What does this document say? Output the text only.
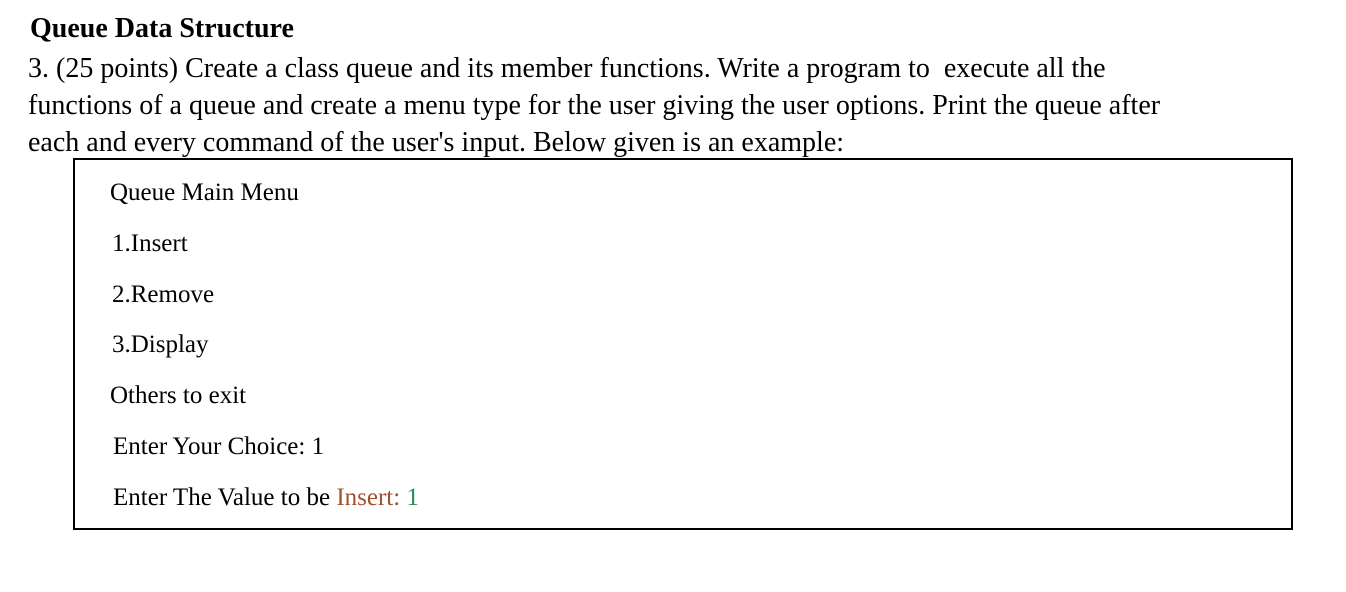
Queue Data Structure
3. (25 points) Create a class queue and its member functions. Write a program to  execute all the
functions of a queue and create a menu type for the user giving the user options. Print the queue after
each and every command of the user's input. Below given is an example:
Queue Main Menu
1.Insert
2.Remove
3.Display
Others to exit
Enter Your Choice: 1
Enter The Value to be Insert: 1
